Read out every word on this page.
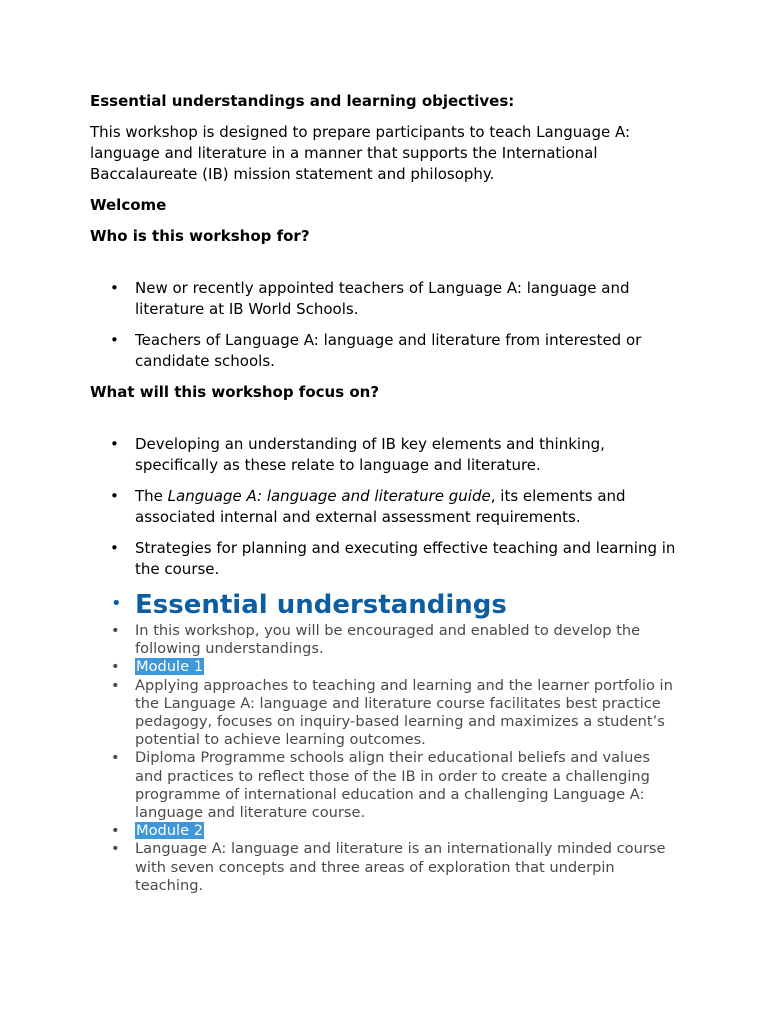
Essential understandings and learning objectives:

This workshop is designed to prepare participants to teach Language A: language and literature in a manner that supports the International Baccalaureate (IB) mission statement and philosophy.

Welcome

Who is this workshop for?

• New or recently appointed teachers of Language A: language and literature at IB World Schools.
• Teachers of Language A: language and literature from interested or candidate schools.

What will this workshop focus on?

• Developing an understanding of IB key elements and thinking, specifically as these relate to language and literature.
• The Language A: language and literature guide, its elements and associated internal and external assessment requirements.
• Strategies for planning and executing effective teaching and learning in the course.
• Essential understandings
• In this workshop, you will be encouraged and enabled to develop the following understandings.
• Module 1
• Applying approaches to teaching and learning and the learner portfolio in the Language A: language and literature course facilitates best practice pedagogy, focuses on inquiry-based learning and maximizes a student’s potential to achieve learning outcomes.
• Diploma Programme schools align their educational beliefs and values and practices to reflect those of the IB in order to create a challenging programme of international education and a challenging Language A: language and literature course.
• Module 2
• Language A: language and literature is an internationally minded course with seven concepts and three areas of exploration that underpin teaching.
